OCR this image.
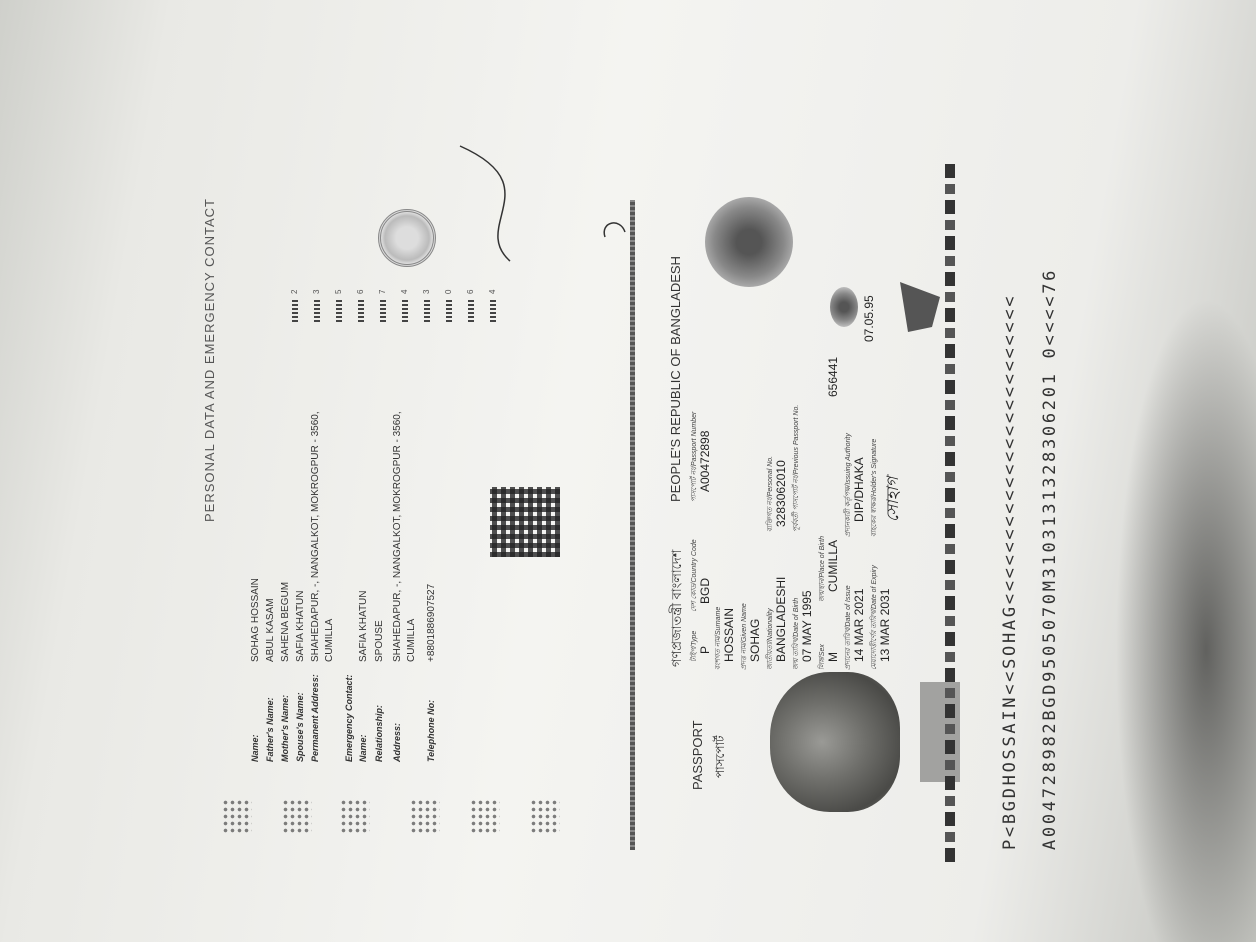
PERSONAL DATA AND EMERGENCY CONTACT
Name:
SOHAG HOSSAIN
Father's Name:
ABUL KASAM
Mother's Name:
SAHENA BEGUM
Spouse's Name:
SAFIA KHATUN
Permanent Address:
SHAHEDAPUR, -, NANGALKOT, MOKROGPUR - 3560, CUMILLA
Emergency Contact: Name:
SAFIA KHATUN
Relationship:
SPOUSE
Address:
SHAHEDAPUR, -, NANGALKOT, MOKROGPUR - 3560, CUMILLA
Telephone No:
+8801886907527
2 3 5 6 7 4 3 0 6 4
PASSPORT পাসপোর্ট
গণপ্রজাতন্ত্রী বাংলাদেশ
PEOPLE'S REPUBLIC OF BANGLADESH
টাইপ/Type
দেশ কোড/Country Code
পাসপোর্ট নং/Passport Number
P
BGD
A00472898
বংশগত নাম/Surname HOSSAIN প্রদত্ত নাম/Given Name SOHAG জাতীয়তা/Nationality BANGLADESHI
ব্যক্তিগত নং/Personal No. 3283062010
জন্ম তারিখ/Date of Birth 07 MAY 1995
পূর্ববর্তী পাসপোর্ট নং/Previous Passport No.
লিঙ্গ/Sex M
জন্মস্থান/Place of Birth CUMILLA
656441
প্রদানের তারিখ/Date of Issue 14 MAR 2021
প্রদানকারী কর্তৃপক্ষ/Issuing Authority DIP/DHAKA
মেয়াদোত্তীর্ণের তারিখ/Date of Expiry 13 MAR 2031
বাহকের স্বাক্ষর/Holder's Signature সোহাগ
07.05.95	P<BGDHOSSAIN<<SOHAG<<<<<<<<<<<<<<<<<<<<<<<< A004728982BGD9505070M3103131328306201 0<<<<76
